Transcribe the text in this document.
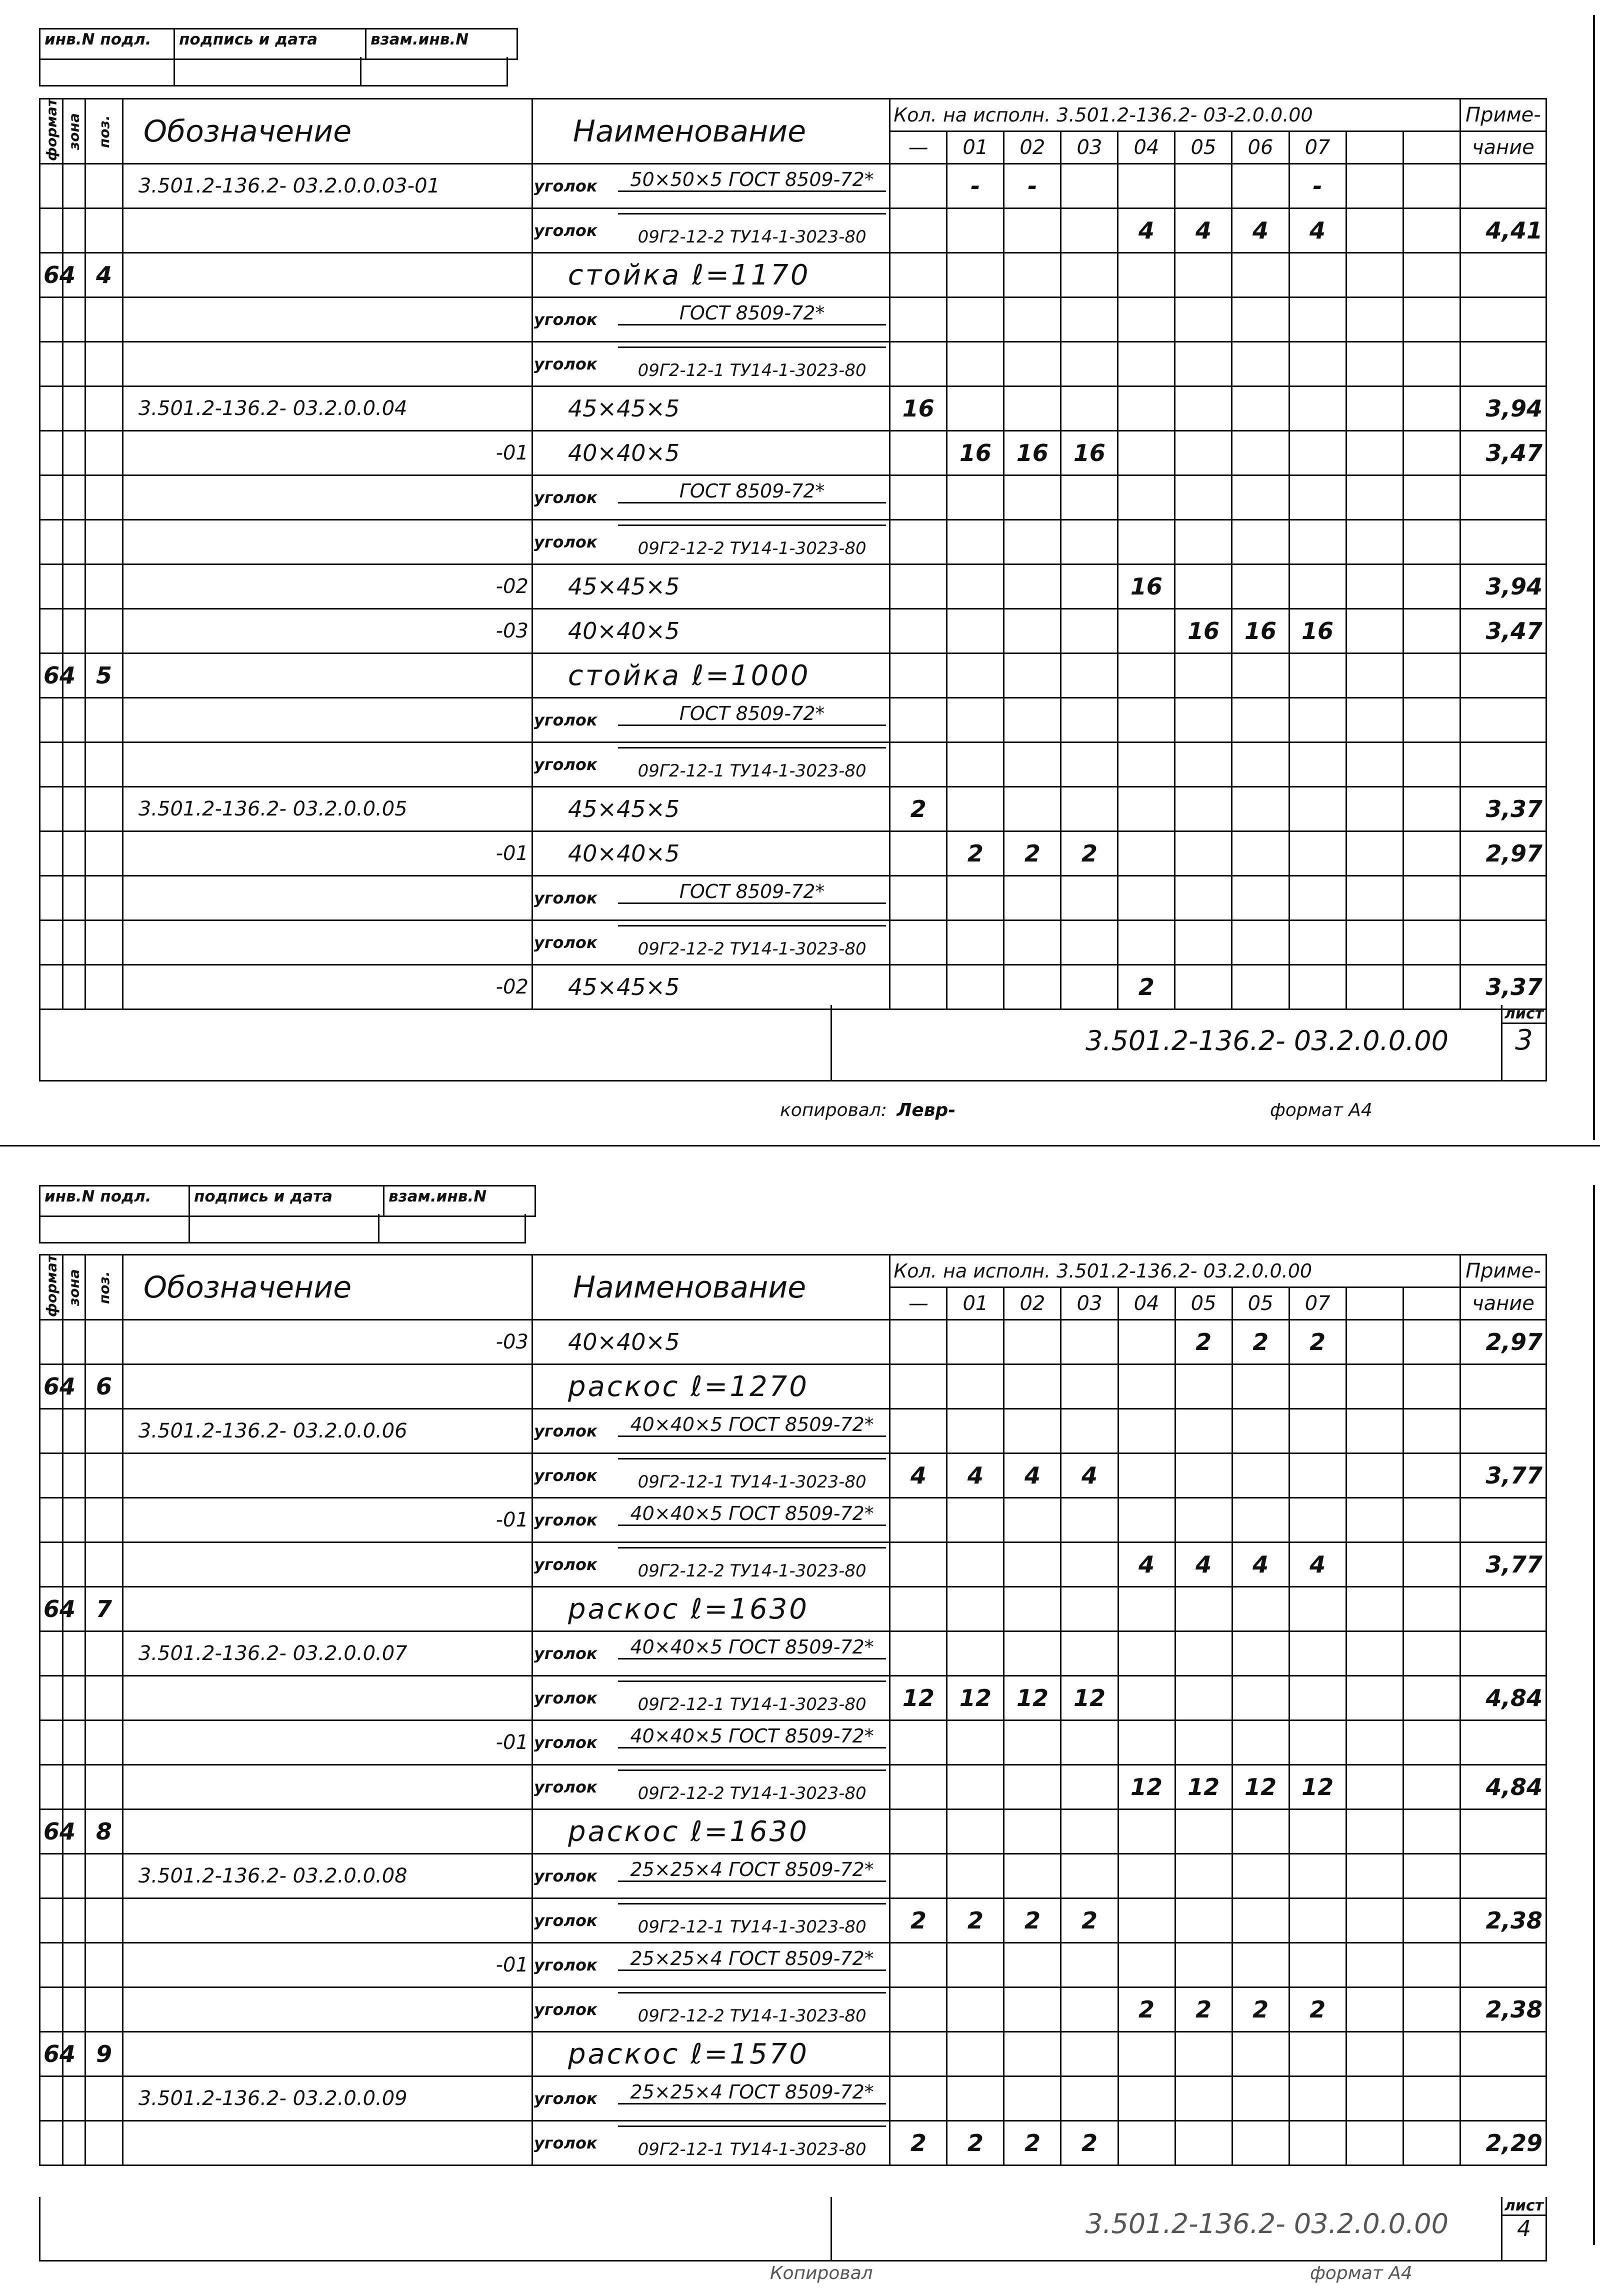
инв.N подл.	подпись и дата	взам.инв.N
формат	зона	поз.	Обозначение	Наименование	Кол. на исполн. 3.501.2-136.2- 03-2.0.0.00										Приме-
					—	01	02	03	04	05	06	07			чание
			3.501.2-136.2- 03.2.0.0.03-01	уголок 50×50×5 ГОСТ 8509-72*		-	-					-			

				уголок 09Г2-12-2 ТУ14-1-3023-80					4	4	4	4			4,41
64		4		стойка ℓ=1170											

				уголок ГОСТ 8509-72*											

				уголок 09Г2-12-1 ТУ14-1-3023-80											

			3.501.2-136.2- 03.2.0.0.04	45×45×5	16										3,94
			-01	40×40×5		16	16	16							3,47

				уголок ГОСТ 8509-72*											

				уголок 09Г2-12-2 ТУ14-1-3023-80											

			-02	45×45×5					16						3,94
			-03	40×40×5						16	16	16			3,47
64		5		стойка ℓ=1000											

				уголок ГОСТ 8509-72*											

				уголок 09Г2-12-1 ТУ14-1-3023-80											

			3.501.2-136.2- 03.2.0.0.05	45×45×5	2										3,37
			-01	40×40×5		2	2	2							2,97

				уголок ГОСТ 8509-72*											

				уголок 09Г2-12-2 ТУ14-1-3023-80											

			-02	45×45×5					2						3,37
3.501.2-136.2- 03.2.0.0.00
лист
3
копировал: Левр-	формат А4
инв.N подл.	подпись и дата	взам.инв.N
формат	зона	поз.	Обозначение	Наименование	Кол. на исполн. 3.501.2-136.2- 03.2.0.0.00										Приме-
					—	01	02	03	04	05	05	07			чание
			-03	40×40×5						2	2	2			2,97
64		6		раскос ℓ=1270											
			3.501.2-136.2- 03.2.0.0.06	уголок 40×40×5 ГОСТ 8509-72*											

				уголок 09Г2-12-1 ТУ14-1-3023-80	4	4	4	4							3,77
			-01	уголок 40×40×5 ГОСТ 8509-72*											

				уголок 09Г2-12-2 ТУ14-1-3023-80					4	4	4	4			3,77
64		7		раскос ℓ=1630											
			3.501.2-136.2- 03.2.0.0.07	уголок 40×40×5 ГОСТ 8509-72*											

				уголок 09Г2-12-1 ТУ14-1-3023-80	12	12	12	12							4,84
			-01	уголок 40×40×5 ГОСТ 8509-72*											

				уголок 09Г2-12-2 ТУ14-1-3023-80					12	12	12	12			4,84
64		8		раскос ℓ=1630											
			3.501.2-136.2- 03.2.0.0.08	уголок 25×25×4 ГОСТ 8509-72*											

				уголок 09Г2-12-1 ТУ14-1-3023-80	2	2	2	2							2,38
			-01	уголок 25×25×4 ГОСТ 8509-72*											

				уголок 09Г2-12-2 ТУ14-1-3023-80					2	2	2	2			2,38
64		9		раскос ℓ=1570											
			3.501.2-136.2- 03.2.0.0.09	уголок 25×25×4 ГОСТ 8509-72*											

				уголок 09Г2-12-1 ТУ14-1-3023-80	2	2	2	2							2,29
3.501.2-136.2- 03.2.0.0.00
лист
4
Копировал	формат А4
